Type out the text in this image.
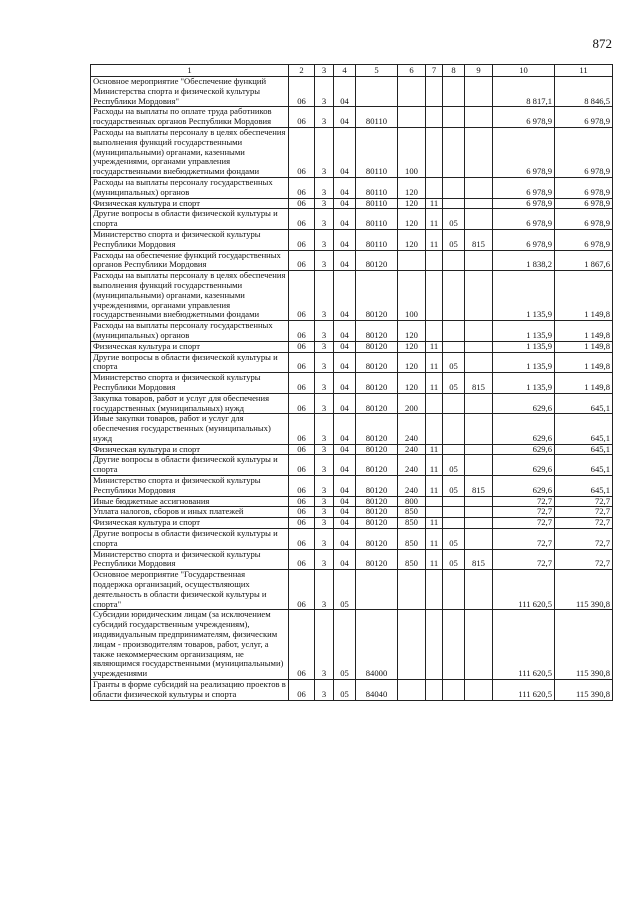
872
1	2	3	4	5	6	7	8	9	10	11
Основное мероприятие "Обеспечение функций Министерства спорта и физической культуры Республики Мордовия"	06	3	04						8 817,1	8 846,5
Расходы на выплаты по оплате труда работников государственных органов Республики Мордовия	06	3	04	80110					6 978,9	6 978,9
Расходы на выплаты персоналу в целях обеспечения выполнения функций государственными (муниципальными) органами, казенными учреждениями, органами управления государственными внебюджетными фондами	06	3	04	80110	100				6 978,9	6 978,9
Расходы на выплаты персоналу государственных (муниципальных) органов	06	3	04	80110	120				6 978,9	6 978,9
Физическая культура и спорт	06	3	04	80110	120	11			6 978,9	6 978,9
Другие вопросы в области физической культуры и спорта	06	3	04	80110	120	11	05		6 978,9	6 978,9
Министерство спорта и физической культуры Республики Мордовия	06	3	04	80110	120	11	05	815	6 978,9	6 978,9
Расходы на обеспечение функций государственных органов Республики Мордовия	06	3	04	80120					1 838,2	1 867,6
Расходы на выплаты персоналу в целях обеспечения выполнения функций государственными (муниципальными) органами, казенными учреждениями, органами управления государственными внебюджетными фондами	06	3	04	80120	100				1 135,9	1 149,8
Расходы на выплаты персоналу государственных (муниципальных) органов	06	3	04	80120	120				1 135,9	1 149,8
Физическая культура и спорт	06	3	04	80120	120	11			1 135,9	1 149,8
Другие вопросы в области физической культуры и спорта	06	3	04	80120	120	11	05		1 135,9	1 149,8
Министерство спорта и физической культуры Республики Мордовия	06	3	04	80120	120	11	05	815	1 135,9	1 149,8
Закупка товаров, работ и услуг для обеспечения государственных (муниципальных) нужд	06	3	04	80120	200				629,6	645,1
Иные закупки товаров, работ и услуг для обеспечения государственных (муниципальных) нужд	06	3	04	80120	240				629,6	645,1
Физическая культура и спорт	06	3	04	80120	240	11			629,6	645,1
Другие вопросы в области физической культуры и спорта	06	3	04	80120	240	11	05		629,6	645,1
Министерство спорта и физической культуры Республики Мордовия	06	3	04	80120	240	11	05	815	629,6	645,1
Иные бюджетные ассигнования	06	3	04	80120	800				72,7	72,7
Уплата налогов, сборов и иных платежей	06	3	04	80120	850				72,7	72,7
Физическая культура и спорт	06	3	04	80120	850	11			72,7	72,7
Другие вопросы в области физической культуры и спорта	06	3	04	80120	850	11	05		72,7	72,7
Министерство спорта и физической культуры Республики Мордовия	06	3	04	80120	850	11	05	815	72,7	72,7
Основное мероприятие "Государственная поддержка организаций, осуществляющих деятельность в области физической культуры и спорта"	06	3	05						111 620,5	115 390,8
Субсидии юридическим лицам (за исключением субсидий государственным учреждениям), индивидуальным предпринимателям, физическим лицам - производителям товаров, работ, услуг, а также некоммерческим организациям, не являющимся государственными (муниципальными) учреждениями	06	3	05	84000					111 620,5	115 390,8
Гранты в форме субсидий на реализацию проектов в области физической культуры и спорта	06	3	05	84040					111 620,5	115 390,8
